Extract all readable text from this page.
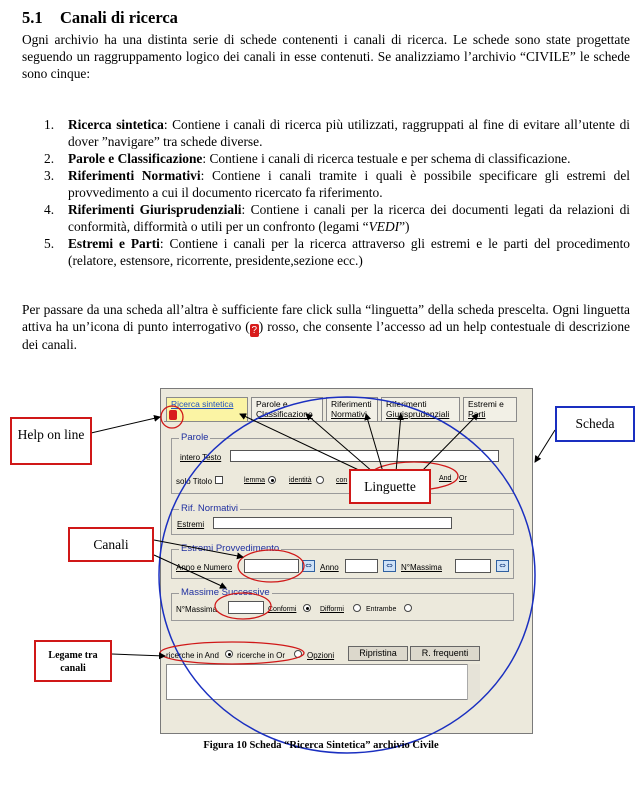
5.1 Canali di ricerca
Ogni archivio ha una distinta serie di schede contenenti i canali di ricerca. Le schede sono state progettate seguendo un raggruppamento logico dei canali in esse contenuti. Se analizziamo l’archivio “CIVILE” le schede sono cinque:
1. Ricerca sintetica: Contiene i canali di ricerca più utilizzati, raggruppati al fine di evitare all’utente di dover ”navigare” tra schede diverse.
2. Parole e Classificazione: Contiene i canali di ricerca testuale e per schema di classificazione.
3. Riferimenti Normativi: Contiene i canali tramite i quali è possibile specificare gli estremi del provvedimento a cui il documento ricercato fa riferimento.
4. Riferimenti Giurisprudenziali: Contiene i canali per la ricerca dei documenti legati da relazioni di conformità, difformità o utili per un confronto (legami “VEDI”)
5. Estremi e Parti: Contiene i canali per la ricerca attraverso gli estremi e le parti del procedimento (relatore, estensore, ricorrente, presidente,sezione ecc.)
Per passare da una scheda all’altra è sufficiente fare click sulla “linguetta” della scheda prescelta. Ogni linguetta attiva ha un’icona di punto interrogativo ( ? ) rosso, che consente l’accesso ad un help contestuale di descrizione dei canali.
Ricerca sintetica	Parole e
Classificazione
Riferimenti
Normativi
Riferimenti
Giurisprudenziali
Estremi e
Parti
Parole
intero Testo
solo Titolo	lemma	identità	con	And Or
Rif. Normativi
Estremi
Estremi Provvedimento
Anno e Numero	⇔	Anno	⇔	N°Massima	⇔
Massime Successive
N°Massima	Conformi	Difformi	Entrambe
ricerche in And ricerche in Or	Opzioni	Ripristina	R. frequenti
Help on line
Scheda
Linguette
Canali
Legame tra canali
Figura 10 Scheda “Ricerca Sintetica” archivio Civile
